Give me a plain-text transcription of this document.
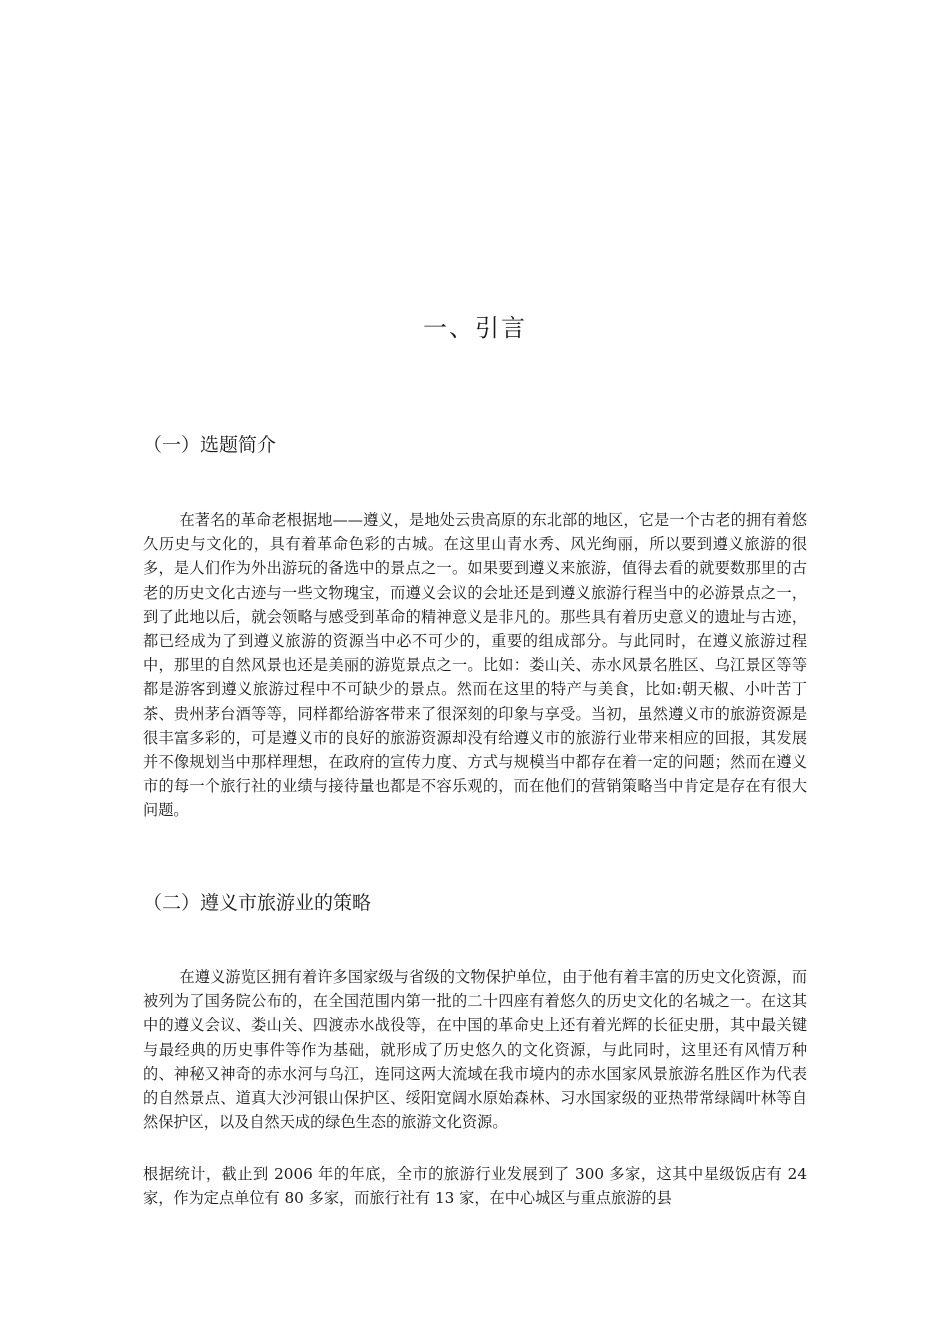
一、引言
（一）选题简介

在著名的革命老根据地——遵义，是地处云贵高原的东北部的地区，它是一个古老的拥有着悠久历史与文化的，具有着革命色彩的古城。在这里山青水秀、风光绚丽，所以要到遵义旅游的很多，是人们作为外出游玩的备选中的景点之一。如果要到遵义来旅游，值得去看的就要数那里的古老的历史文化古迹与一些文物瑰宝，而遵义会议的会址还是到遵义旅游行程当中的必游景点之一，到了此地以后，就会领略与感受到革命的精神意义是非凡的。那些具有着历史意义的遗址与古迹，都已经成为了到遵义旅游的资源当中必不可少的，重要的组成部分。与此同时，在遵义旅游过程中，那里的自然风景也还是美丽的游览景点之一。比如：娄山关、赤水风景名胜区、乌江景区等等都是游客到遵义旅游过程中不可缺少的景点。然而在这里的特产与美食，比如:朝天椒、小叶苦丁茶、贵州茅台酒等等，同样都给游客带来了很深刻的印象与享受。当初，虽然遵义市的旅游资源是很丰富多彩的，可是遵义市的良好的旅游资源却没有给遵义市的旅游行业带来相应的回报，其发展并不像规划当中那样理想，在政府的宣传力度、方式与规模当中都存在着一定的问题；然而在遵义市的每一个旅行社的业绩与接待量也都是不容乐观的，而在他们的营销策略当中肯定是存在有很大问题。

（二）遵义市旅游业的策略

在遵义游览区拥有着许多国家级与省级的文物保护单位，由于他有着丰富的历史文化资源，而被列为了国务院公布的，在全国范围内第一批的二十四座有着悠久的历史文化的名城之一。在这其中的遵义会议、娄山关、四渡赤水战役等，在中国的革命史上还有着光辉的长征史册，其中最关键与最经典的历史事件等作为基础，就形成了历史悠久的文化资源，与此同时，这里还有风情万种的、神秘又神奇的赤水河与乌江，连同这两大流域在我市境内的赤水国家风景旅游名胜区作为代表的自然景点、道真大沙河银山保护区、绥阳宽阔水原始森林、习水国家级的亚热带常绿阔叶林等自然保护区，以及自然天成的绿色生态的旅游文化资源。

根据统计，截止到 2006 年的年底，全市的旅游行业发展到了 300 多家，这其中星级饭店有 24 家，作为定点单位有 80 多家，而旅行社有 13 家，在中心城区与重点旅游的县
